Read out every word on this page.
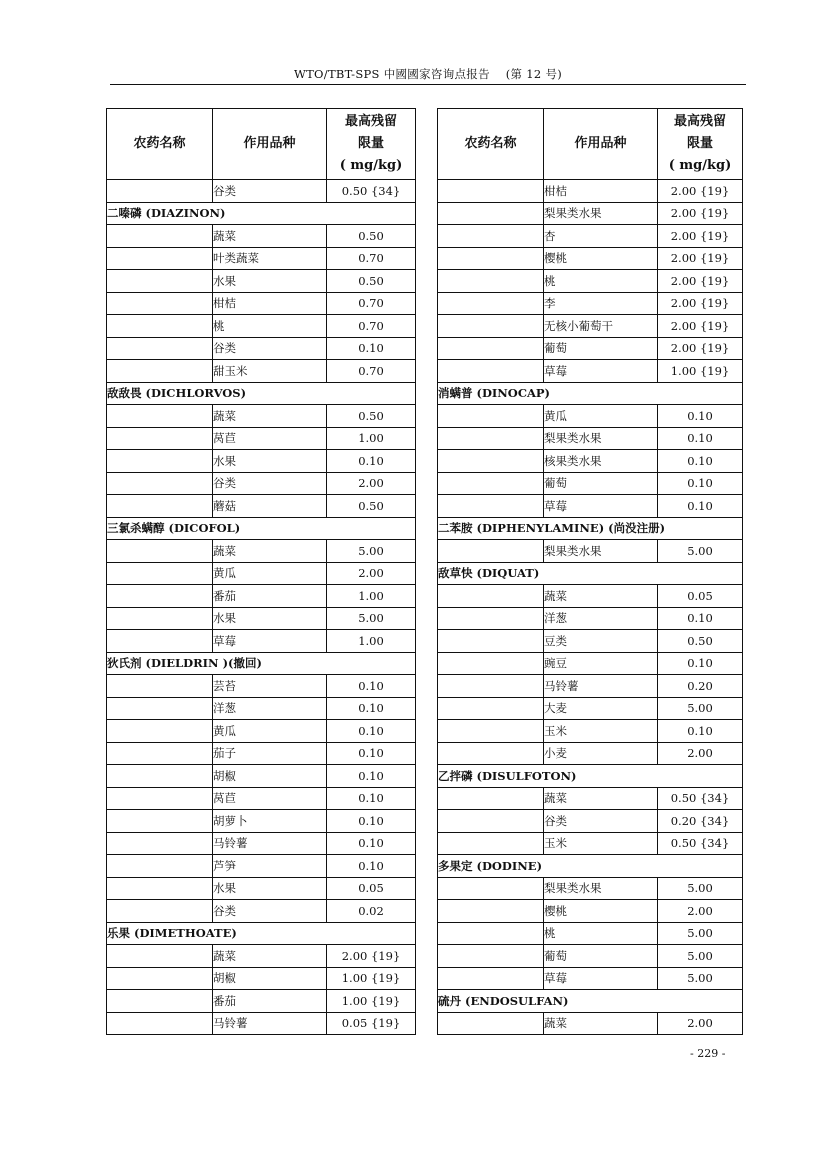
WTO/TBT-SPS 中國國家咨询点报告 (第 12 号)
农药名称	作用品种	最高残留
限量
( mg/kg)

	谷类	0.50 {34}
二嗪磷 (DIAZINON)		
	蔬菜	0.50
	叶类蔬菜	0.70
	水果	0.50
	柑桔	0.70
	桃	0.70
	谷类	0.10
	甜玉米	0.70
敌敌畏 (DICHLORVOS)		
	蔬菜	0.50
	莴苣	1.00
	水果	0.10
	谷类	2.00
	蘑菇	0.50
三氯杀螨醇 (DICOFOL)		
	蔬菜	5.00
	黄瓜	2.00
	番茄	1.00
	水果	5.00
	草莓	1.00
狄氏剂 (DIELDRIN )(撤回)		
	芸苔	0.10
	洋葱	0.10
	黄瓜	0.10
	茄子	0.10
	胡椒	0.10
	莴苣	0.10
	胡萝卜	0.10
	马铃薯	0.10
	芦笋	0.10
	水果	0.05
	谷类	0.02
乐果 (DIMETHOATE)		
	蔬菜	2.00 {19}
	胡椒	1.00 {19}
	番茄	1.00 {19}
	马铃薯	0.05 {19}
农药名称	作用品种	最高残留
限量
( mg/kg)

	柑桔	2.00 {19}
	梨果类水果	2.00 {19}
	杏	2.00 {19}
	樱桃	2.00 {19}
	桃	2.00 {19}
	李	2.00 {19}
	无核小葡萄干	2.00 {19}
	葡萄	2.00 {19}
	草莓	1.00 {19}
消螨普 (DINOCAP)		
	黄瓜	0.10
	梨果类水果	0.10
	核果类水果	0.10
	葡萄	0.10
	草莓	0.10
二苯胺 (DIPHENYLAMINE) (尚没注册)		
	梨果类水果	5.00
敌草快 (DIQUAT)		
	蔬菜	0.05
	洋葱	0.10
	豆类	0.50
	豌豆	0.10
	马铃薯	0.20
	大麦	5.00
	玉米	0.10
	小麦	2.00
乙拌磷 (DISULFOTON)		
	蔬菜	0.50 {34}
	谷类	0.20 {34}
	玉米	0.50 {34}
多果定 (DODINE)		
	梨果类水果	5.00
	樱桃	2.00
	桃	5.00
	葡萄	5.00
	草莓	5.00
硫丹 (ENDOSULFAN)		
	蔬菜	2.00
- 229 -
